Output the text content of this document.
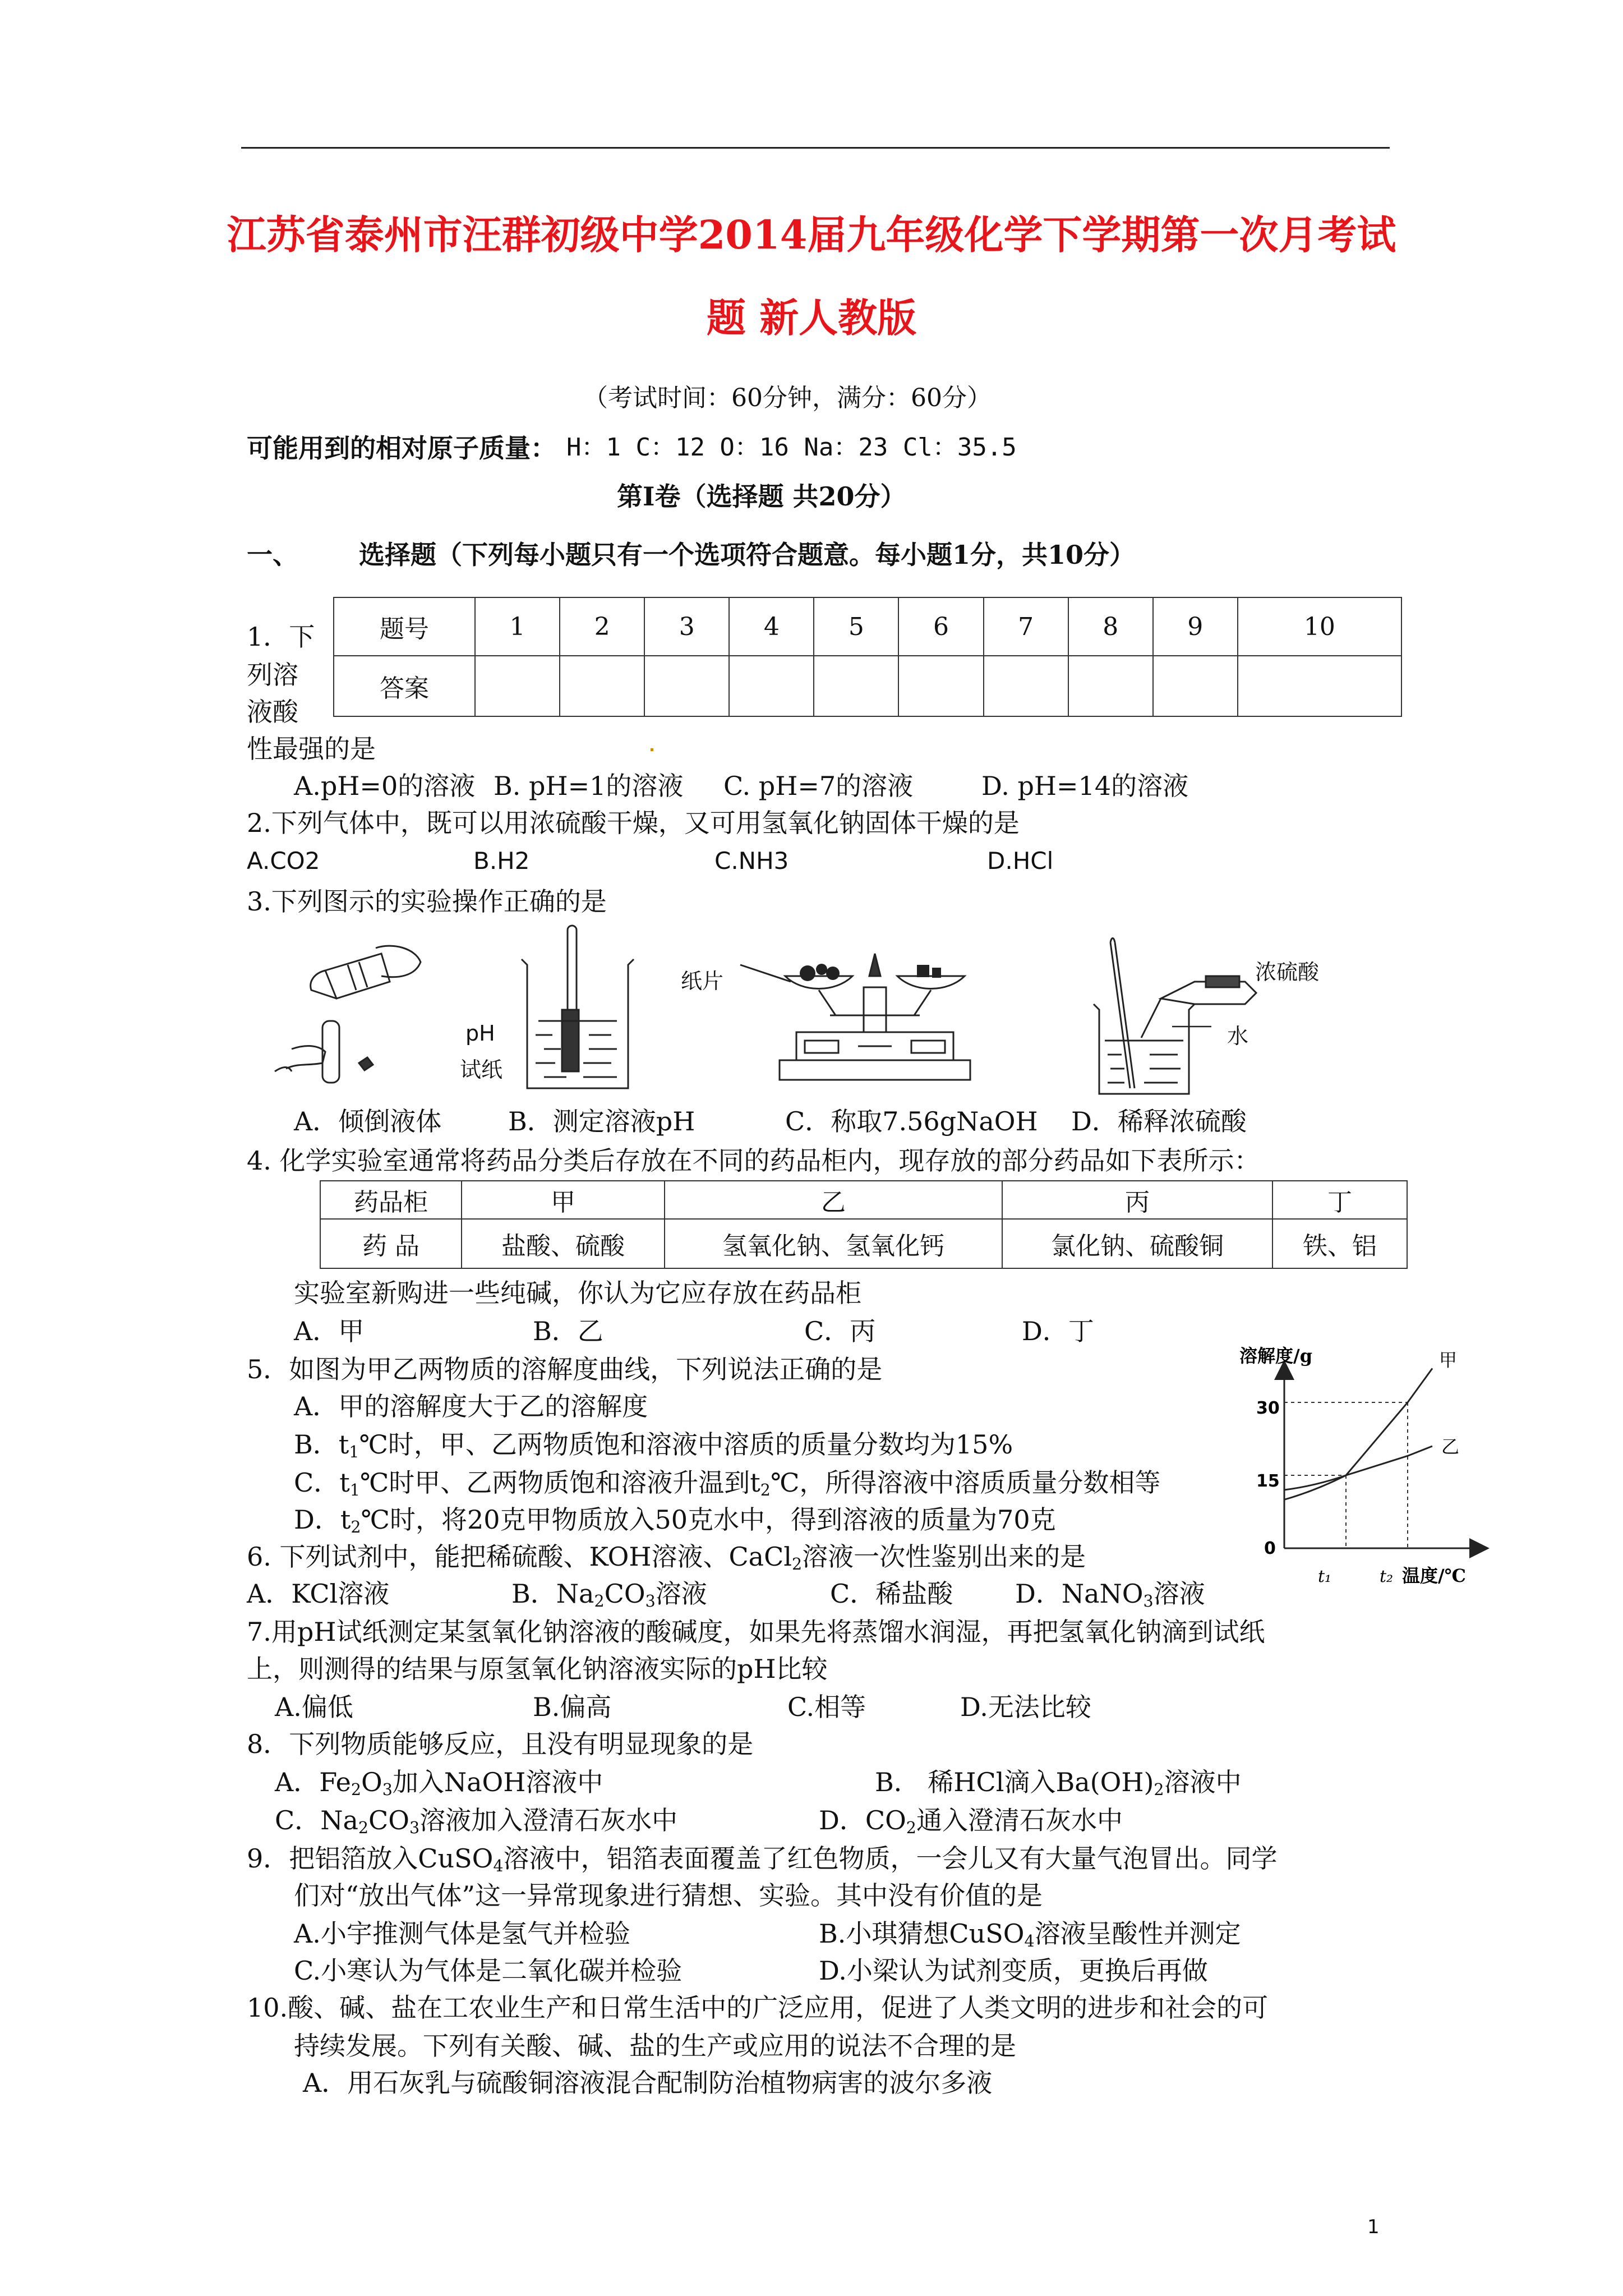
江苏省泰州市汪群初级中学2014届九年级化学下学期第一次月考试
题 新人教版
（考试时间：60分钟，满分：60分）
可能用到的相对原子质量： H：1 C：12 O：16 Na：23 Cl：35.5
第Ⅰ卷（选择题 共20分）
一、 选择题（下列每小题只有一个选项符合题意。每小题1分，共10分）
题号	1	2	3	4	5	6	7	8	9	10
答案										
1．下
列溶
液酸
性最强的是
A.pH=0的溶液 B. pH=1的溶液 C. pH=7的溶液	D. pH=14的溶液
2.下列气体中，既可以用浓硫酸干燥，又可用氢氧化钠固体干燥的是
A.CO2	B.H2	C.NH3	D.HCl
3.下列图示的实验操作正确的是
pH
试纸
纸片	浓硫酸
水
A．倾倒液体	B．测定溶液pH	C．称取7.56gNaOH D．稀释浓硫酸
4. 化学实验室通常将药品分类后存放在不同的药品柜内，现存放的部分药品如下表所示：
药品柜	甲	乙	丙	丁
药 品	盐酸、硫酸	氢氧化钠、氢氧化钙	氯化钠、硫酸铜	铁、铝
实验室新购进一些纯碱，你认为它应存放在药品柜
A．甲	B．乙	C．丙	D．丁
5．如图为甲乙两物质的溶解度曲线，下列说法正确的是
A．甲的溶解度大于乙的溶解度
B．$t_1℃$时，甲、乙两物质饱和溶液中溶质的质量分数均为15%
C．$t_1℃$时甲、乙两物质饱和溶液升温到$t_2℃$，所得溶液中溶质质量分数相等
D．$t_2℃$时，将20克甲物质放入50克水中，得到溶液的质量为70克
溶解度/g
温度/℃
30
15
0
t₁	t₂
甲
乙
6. 下列试剂中，能把稀硫酸、KOH溶液、CaCl$_2$溶液一次性鉴别出来的是
A．KCl溶液	B．$Na_2CO_3$溶液	C．稀盐酸 D．NaNO$_3$溶液
7.用pH试纸测定某氢氧化钠溶液的酸碱度，如果先将蒸馏水润湿，再把氢氧化钠滴到试纸
上，则测得的结果与原氢氧化钠溶液实际的pH比较
A.偏低	B.偏高	C.相等	D.无法比较
8．下列物质能够反应，且没有明显现象的是
A．$Fe_2O_3$加入NaOH溶液中	B． 稀HCl滴入$Ba(OH)_2$溶液中
C．$Na_2CO_3$溶液加入澄清石灰水中	D．$CO_2$通入澄清石灰水中
9．把铝箔放入CuSO$_4$溶液中，铝箔表面覆盖了红色物质，一会儿又有大量气泡冒出。同学
们对“放出气体”这一异常现象进行猜想、实验。其中没有价值的是
A.小宇推测气体是氢气并检验	B.小琪猜想CuSO$_4$溶液呈酸性并测定
C.小寒认为气体是二氧化碳并检验	D.小梁认为试剂变质，更换后再做
10.酸、碱、盐在工农业生产和日常生活中的广泛应用，促进了人类文明的进步和社会的可
持续发展。下列有关酸、碱、盐的生产或应用的说法不合理的是
A．用石灰乳与硫酸铜溶液混合配制防治植物病害的波尔多液
1
